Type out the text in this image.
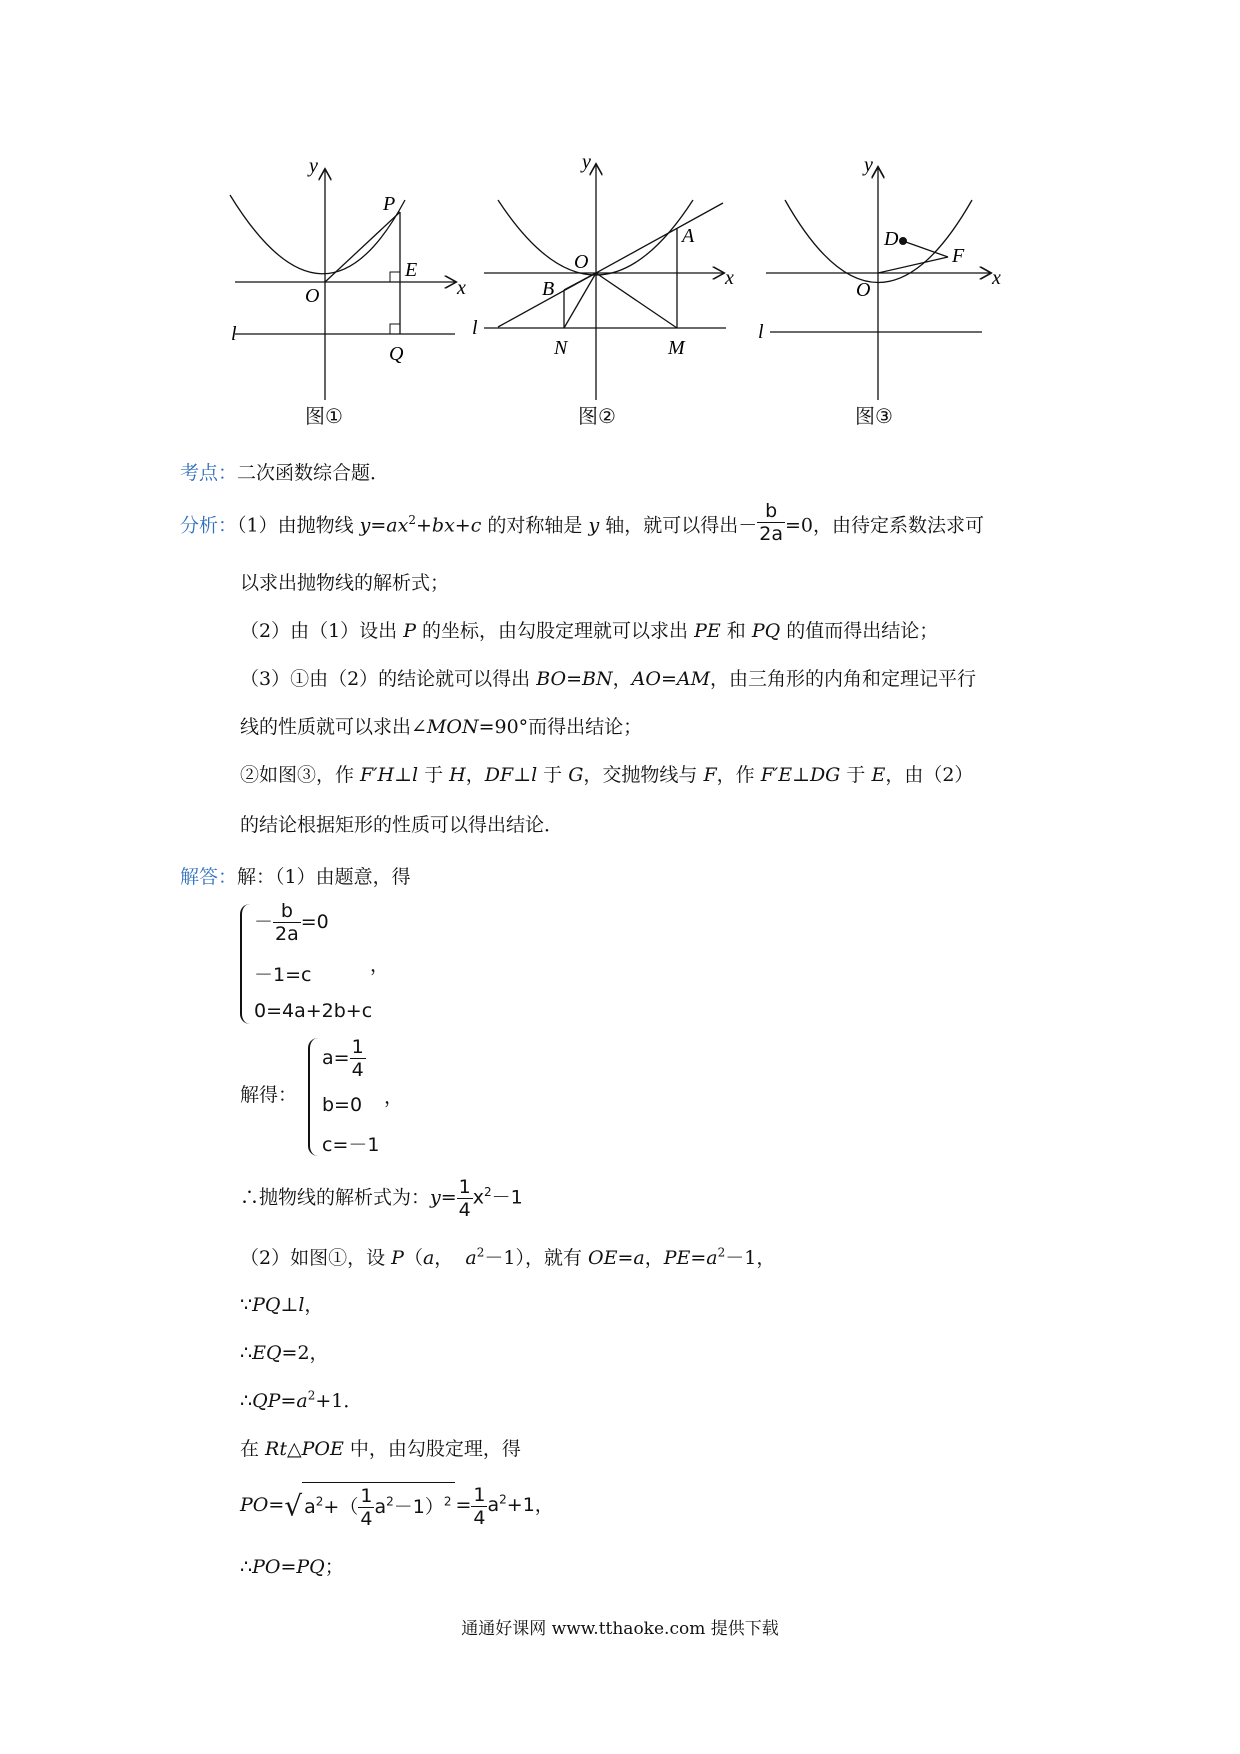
y
x
O
P
E
Q
l
图①
y
x
O
A
B
N	M
l
图②
y
x
O
D
F
l
图③
考点：二次函数综合题．
分析：（1）由抛物线 $y=ax^2+bx+c$ 的对称轴是 y 轴，就可以得出－ $\frac{b}{2a} =0$，由待定系数法求可
以求出抛物线的解析式；
（2）由（1）设出 P 的坐标，由勾股定理就可以求出 PE 和 PQ 的值而得出结论；
（3）①由（2）的结论就可以得出 BO=BN，AO=AM，由三角形的内角和定理记平行
线的性质就可以求出∠MON=90°而得出结论；
②如图③，作 F′H⊥l 于 H，DF⊥l 于 G，交抛物线与 F，作 F′E⊥DG 于 E，由（2）
的结论根据矩形的性质可以得出结论．
解答：解：（1）由题意，得
－ $\frac{b}{2a} =0$
－1=c
0=4a+2b+c
，
解得：
$a= \frac{1}{4}$
b=0
c=－1
，
∴抛物线的解析式为：$y= \frac{1}{4} x^2-1$
（2）如图①，设 P（a， $a^2-1$），就有 OE=a，$PE=a^2-1$，
∵PQ⊥l，
∴EQ=2，
$\therefore QP=a^2+1$．
在 Rt△POE 中，由勾股定理，得
PO=√ $a^2+( \frac{1}{4} a^2-1)^2 = \frac{1}{4} a^2+1$，
∴PO=PQ；
通通好课网 www.tthaoke.com 提供下载
